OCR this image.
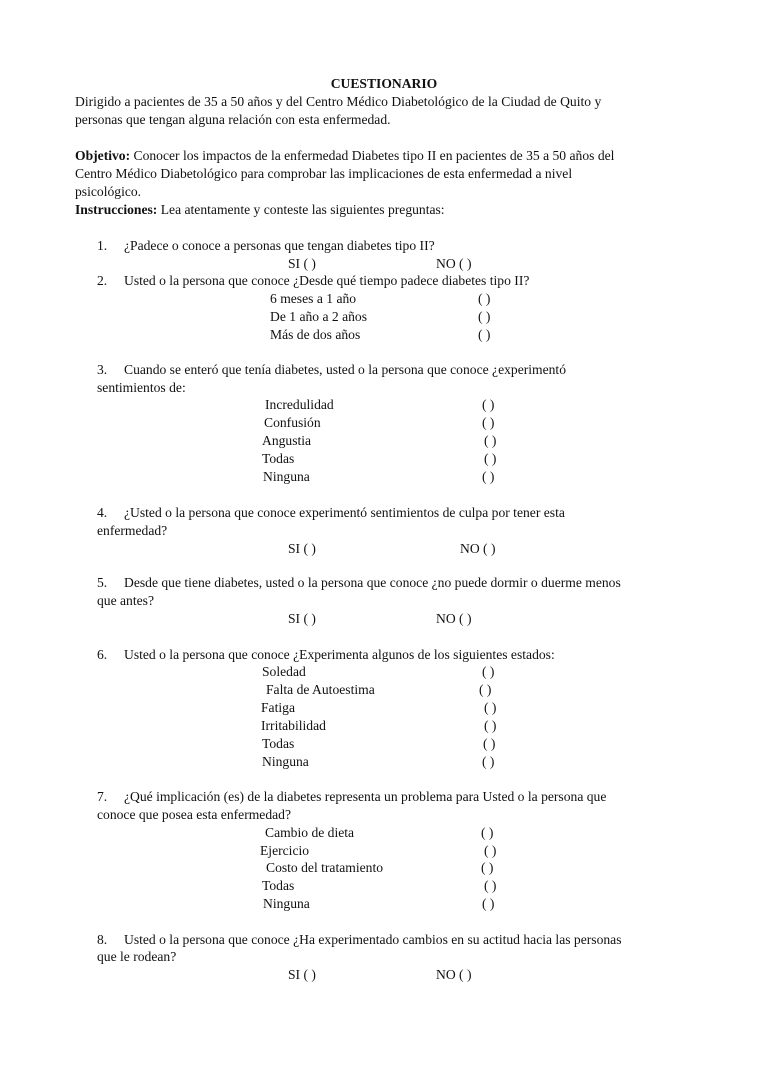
CUESTIONARIO
Dirigido a pacientes de 35 a 50 años y del Centro Médico Diabetológico de la Ciudad de Quito y
personas que tengan alguna relación con esta enfermedad.
Objetivo: Conocer los impactos de la enfermedad Diabetes tipo II en pacientes de 35 a 50 años del
Centro Médico Diabetológico para comprobar las implicaciones de esta enfermedad a nivel
psicológico.
Instrucciones: Lea atentamente y conteste las siguientes preguntas:
1. ¿Padece o conoce a personas que tengan diabetes tipo II?
SI ( )	NO ( )
2. Usted o la persona que conoce ¿Desde qué tiempo padece diabetes tipo II?
6 meses a 1 año	( )
De 1 año a 2 años	( )
Más de dos años	( )
3. Cuando se enteró que tenía diabetes, usted o la persona que conoce ¿experimentó
sentimientos de:
Incredulidad	( )
Confusión	( )
Angustia	( )
Todas	( )
Ninguna	( )
4. ¿Usted o la persona que conoce experimentó sentimientos de culpa por tener esta
enfermedad?
SI ( )	NO ( )
5. Desde que tiene diabetes, usted o la persona que conoce ¿no puede dormir o duerme menos
que antes?
SI ( )	NO ( )
6. Usted o la persona que conoce ¿Experimenta algunos de los siguientes estados:
Soledad	( )
Falta de Autoestima	( )
Fatiga	( )
Irritabilidad	( )
Todas	( )
Ninguna	( )
7. ¿Qué implicación (es) de la diabetes representa un problema para Usted o la persona que
conoce que posea esta enfermedad?
Cambio de dieta	( )
Ejercicio	( )
Costo del tratamiento	( )
Todas	( )
Ninguna	( )
8. Usted o la persona que conoce ¿Ha experimentado cambios en su actitud hacia las personas
que le rodean?
SI ( )	NO ( )
